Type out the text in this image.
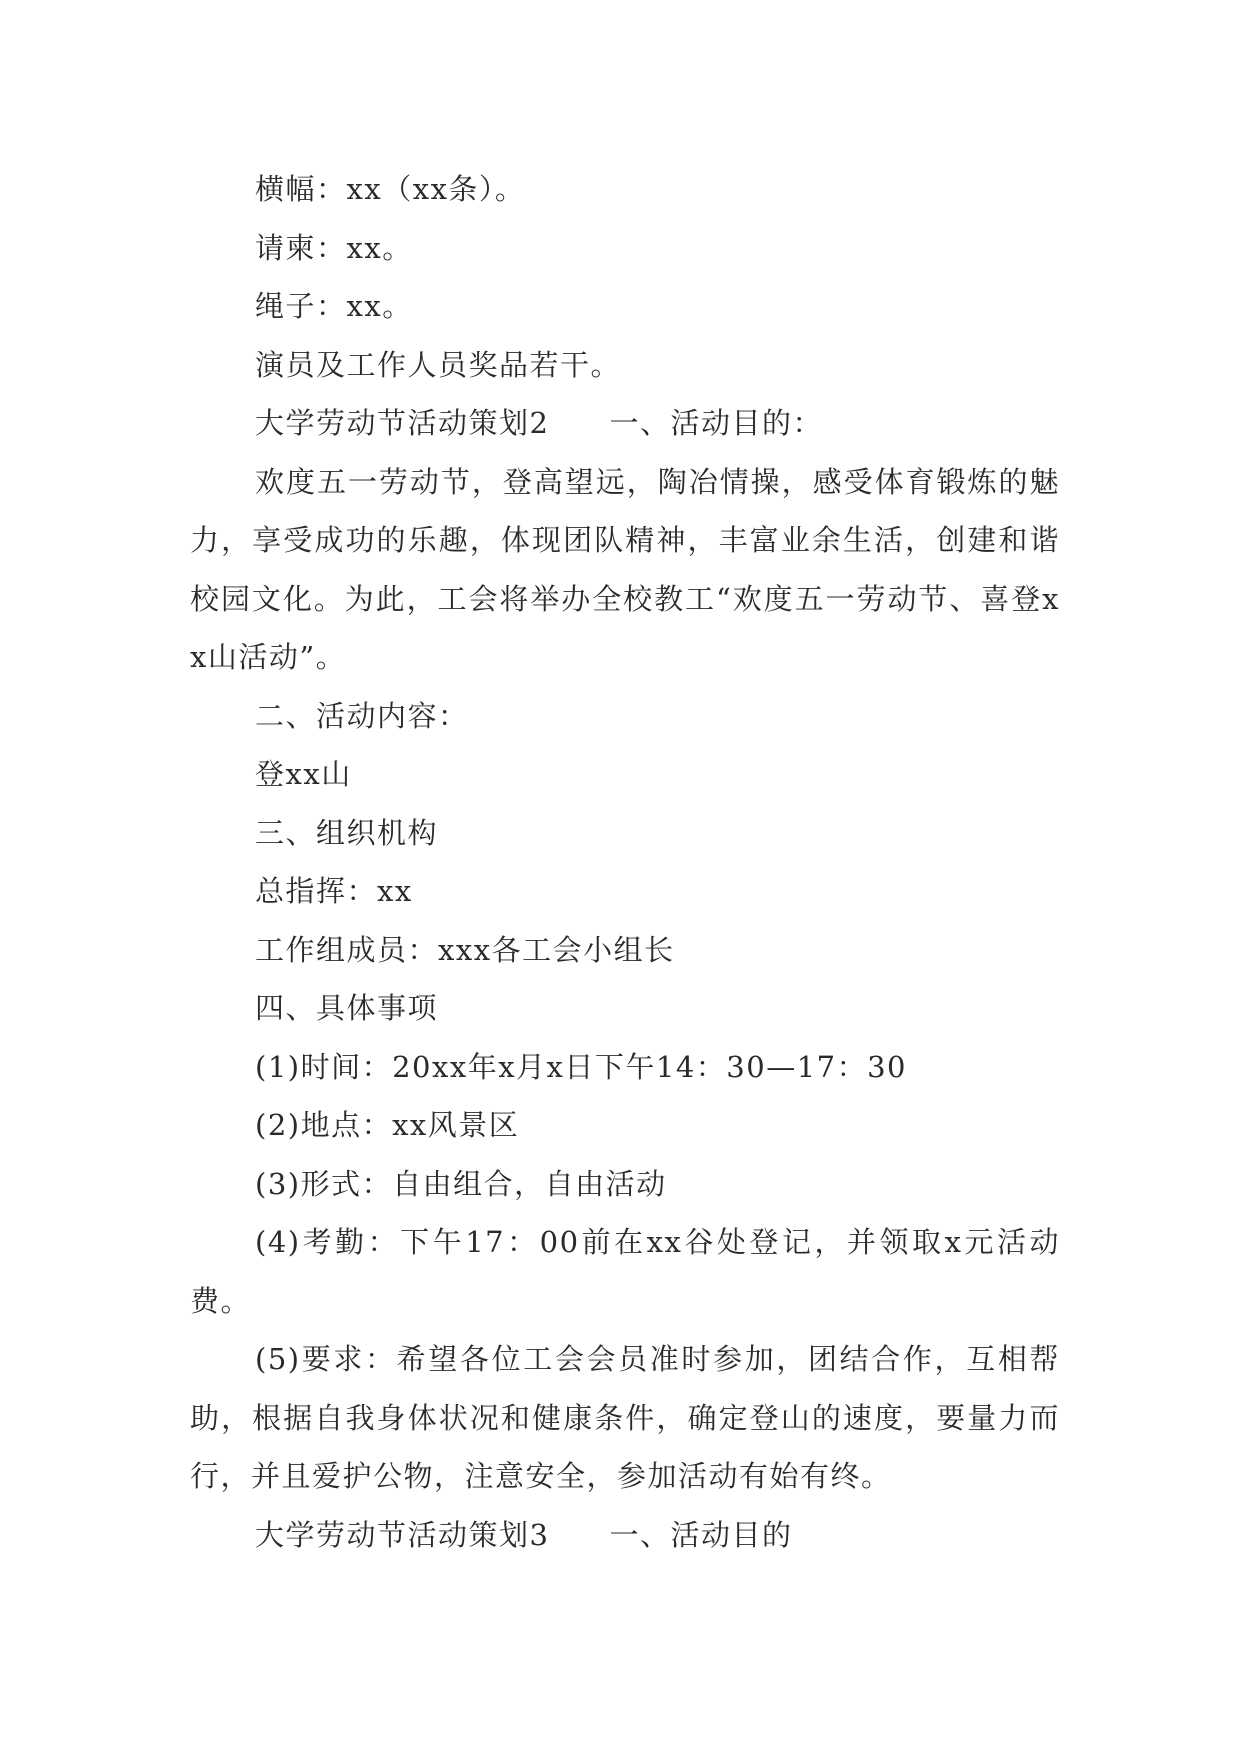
横幅：xx（xx条）。

请柬：xx。

绳子：xx。

演员及工作人员奖品若干。

大学劳动节活动策划2 一、活动目的：

欢度五一劳动节，登高望远，陶冶情操，感受体育锻炼的魅力，享受成功的乐趣，体现团队精神，丰富业余生活，创建和谐校园文化。为此，工会将举办全校教工“欢度五一劳动节、喜登xx山活动”。

二、活动内容：

登xx山

三、组织机构

总指挥：xx

工作组成员：xxx各工会小组长

四、具体事项

(1)时间：20xx年x月x日下午14：30—17：30

(2)地点：xx风景区

(3)形式：自由组合，自由活动

(4)考勤：下午17：00前在xx谷处登记，并领取x元活动费。

(5)要求：希望各位工会会员准时参加，团结合作，互相帮助，根据自我身体状况和健康条件，确定登山的速度，要量力而行，并且爱护公物，注意安全，参加活动有始有终。

大学劳动节活动策划3 一、活动目的
